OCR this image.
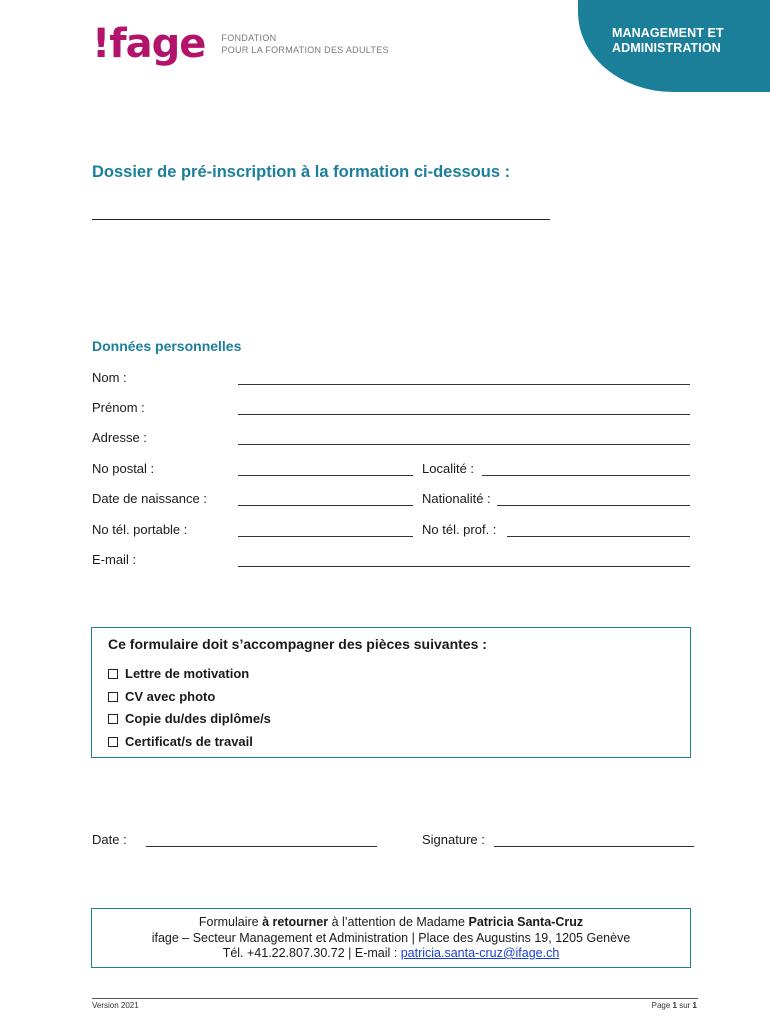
!fage FONDATION
POUR LA FORMATION DES ADULTES
MANAGEMENT ET
ADMINISTRATION
Dossier de pré-inscription à la formation ci-dessous :
Données personnelles
Nom :
Prénom :
Adresse :
No postal :	Localité :
Date de naissance :	Nationalité :
No tél. portable :	No tél. prof. :
E-mail :
Ce formulaire doit s’accompagner des pièces suivantes :
Lettre de motivation
CV avec photo
Copie du/des diplôme/s
Certificat/s de travail
Date :	Signature :
Formulaire à retourner à l’attention de Madame Patricia Santa-Cruz
ifage – Secteur Management et Administration | Place des Augustins 19, 1205 Genève
Tél. +41.22.807.30.72 | E-mail : patricia.santa-cruz@ifage.ch
Version 2021	Page 1 sur 1
